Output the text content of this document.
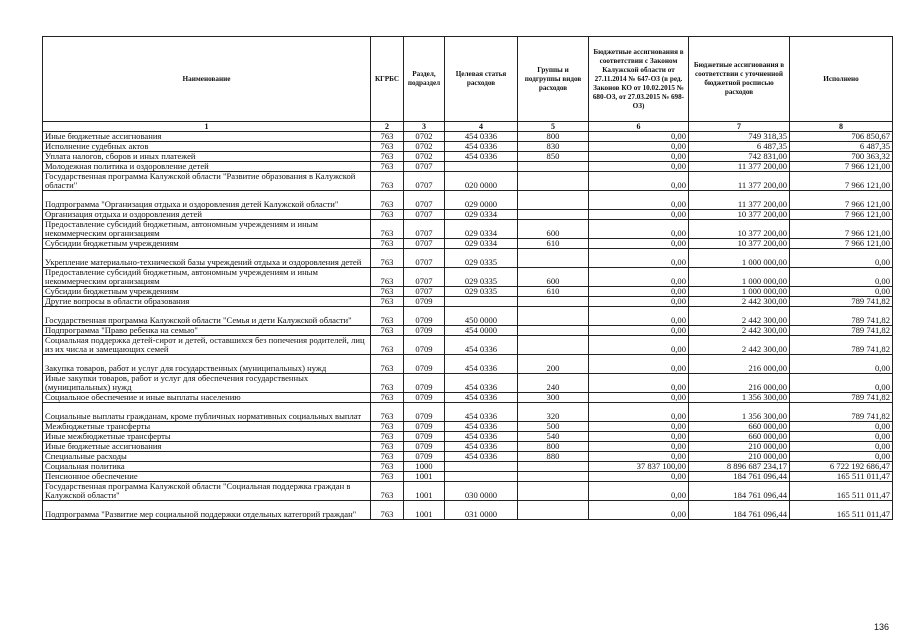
Наименование	КГРБС	Раздел, подраздел	Целевая статья расходов	Группы и подгруппы видов расходов	Бюджетные ассигнования в соответствии с Законом Калужской области от 27.11.2014 № 647-ОЗ (в ред. Законов КО от 10.02.2015 № 680-ОЗ, от 27.03.2015 № 698-ОЗ)	Бюджетные ассигнования в соответствии с уточненной бюджетной росписью расходов	Исполнено
1	2	3	4	5	6	7	8
Иные бюджетные ассигнования	763	0702	454 0336	800	0,00	749 318,35	706 850,67
Исполнение судебных актов	763	0702	454 0336	830	0,00	6 487,35	6 487,35
Уплата налогов, сборов и иных платежей	763	0702	454 0336	850	0,00	742 831,00	700 363,32
Молодежная политика и оздоровление детей	763	0707			0,00	11 377 200,00	7 966 121,00
Государственная программа Калужской области "Развитие образования в Калужской области"	763	0707	020 0000		0,00	11 377 200,00	7 966 121,00
Подпрограмма "Организация отдыха и оздоровления детей Калужской области"	763	0707	029 0000		0,00	11 377 200,00	7 966 121,00
Организация отдыха и оздоровления детей	763	0707	029 0334		0,00	10 377 200,00	7 966 121,00
Предоставление субсидий бюджетным, автономным учреждениям и иным некоммерческим организациям	763	0707	029 0334	600	0,00	10 377 200,00	7 966 121,00
Субсидии бюджетным учреждениям	763	0707	029 0334	610	0,00	10 377 200,00	7 966 121,00
Укрепление материально-технической базы учреждений отдыха и оздоровления детей	763	0707	029 0335		0,00	1 000 000,00	0,00
Предоставление субсидий бюджетным, автономным учреждениям и иным некоммерческим организациям	763	0707	029 0335	600	0,00	1 000 000,00	0,00
Субсидии бюджетным учреждениям	763	0707	029 0335	610	0,00	1 000 000,00	0,00
Другие вопросы в области образования	763	0709			0,00	2 442 300,00	789 741,82
Государственная программа Калужской области "Семья и дети Калужской области"	763	0709	450 0000		0,00	2 442 300,00	789 741,82
Подпрограмма "Право ребенка на семью"	763	0709	454 0000		0,00	2 442 300,00	789 741,82
Социальная поддержка детей-сирот и детей, оставшихся без попечения родителей, лиц из их числа и замещающих семей	763	0709	454 0336		0,00	2 442 300,00	789 741,82
Закупка товаров, работ и услуг для государственных (муниципальных) нужд	763	0709	454 0336	200	0,00	216 000,00	0,00
Иные закупки товаров, работ и услуг для обеспечения государственных (муниципальных) нужд	763	0709	454 0336	240	0,00	216 000,00	0,00
Социальное обеспечение и иные выплаты населению	763	0709	454 0336	300	0,00	1 356 300,00	789 741,82
Социальные выплаты гражданам, кроме публичных нормативных социальных выплат	763	0709	454 0336	320	0,00	1 356 300,00	789 741,82
Межбюджетные трансферты	763	0709	454 0336	500	0,00	660 000,00	0,00
Иные межбюджетные трансферты	763	0709	454 0336	540	0,00	660 000,00	0,00
Иные бюджетные ассигнования	763	0709	454 0336	800	0,00	210 000,00	0,00
Специальные расходы	763	0709	454 0336	880	0,00	210 000,00	0,00
Социальная политика	763	1000			37 837 100,00	8 896 687 234,17	6 722 192 686,47
Пенсионное обеспечение	763	1001			0,00	184 761 096,44	165 511 011,47
Государственная программа Калужской области "Социальная поддержка граждан в Калужской области"	763	1001	030 0000		0,00	184 761 096,44	165 511 011,47
Подпрограмма "Развитие мер социальной поддержки отдельных категорий граждан"	763	1001	031 0000		0,00	184 761 096,44	165 511 011,47
136
